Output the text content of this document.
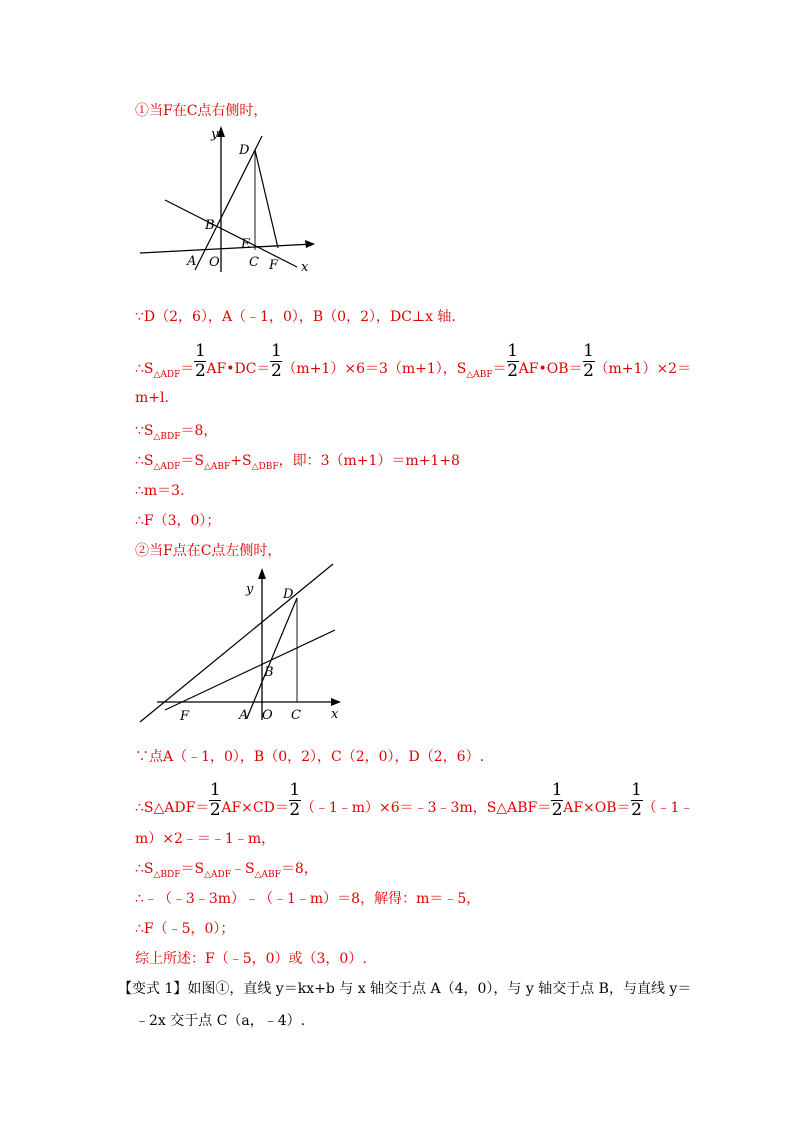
①当F在C点右侧时，
y
D
B
E
A O C F x
∵D（2，6），A（﹣1，0），B（0，2），DC⊥x 轴.
$\therefore S_{\triangle ADF}= \frac{1}{2}$ AF•DC＝ $\frac{1}{2} (m+1)\times 6=3(m+1)$，$S_{\triangle ABF}= \frac{1}{2}$ AF•OB＝ $\frac{1}{2} (m+1)\times 2=$
m+l.
$\because S_{\triangle BDF}=8$，
$\therefore S_{\triangle ADF}=S_{\triangle ABF}+S_{\triangle DBF}$，即：3（m+1）＝m+1+8
∴m＝3.
∴F（3，0）；
②当F点在C点左侧时，
y D
B
F	A O C x
∵点A（﹣1，0），B（0，2），C（2，0），D（2，6）.
∴S△ADF＝ $\frac{1}{2} AF\times CD= \frac{1}{2}$ （﹣1﹣m）×6＝﹣3﹣3m，S△ABF＝ $\frac{1}{2} AF\times OB= \frac{1}{2}$ （﹣1﹣
m）×2﹣＝﹣1﹣m，
$\therefore S_{\triangle BDF}=S_{\triangle ADF}﹣S_{\triangle ABF}=8$，
∴﹣（﹣3﹣3m）﹣（﹣1﹣m）＝8，解得：m＝﹣5，
∴F（﹣5，0）；
综上所述：F（﹣5，0）或（3，0）.
【变式 1】如图①，直线 y＝kx+b 与 x 轴交于点 A（4，0），与 y 轴交于点 B，与直线 y＝
﹣2x 交于点 C（a，﹣4）.
